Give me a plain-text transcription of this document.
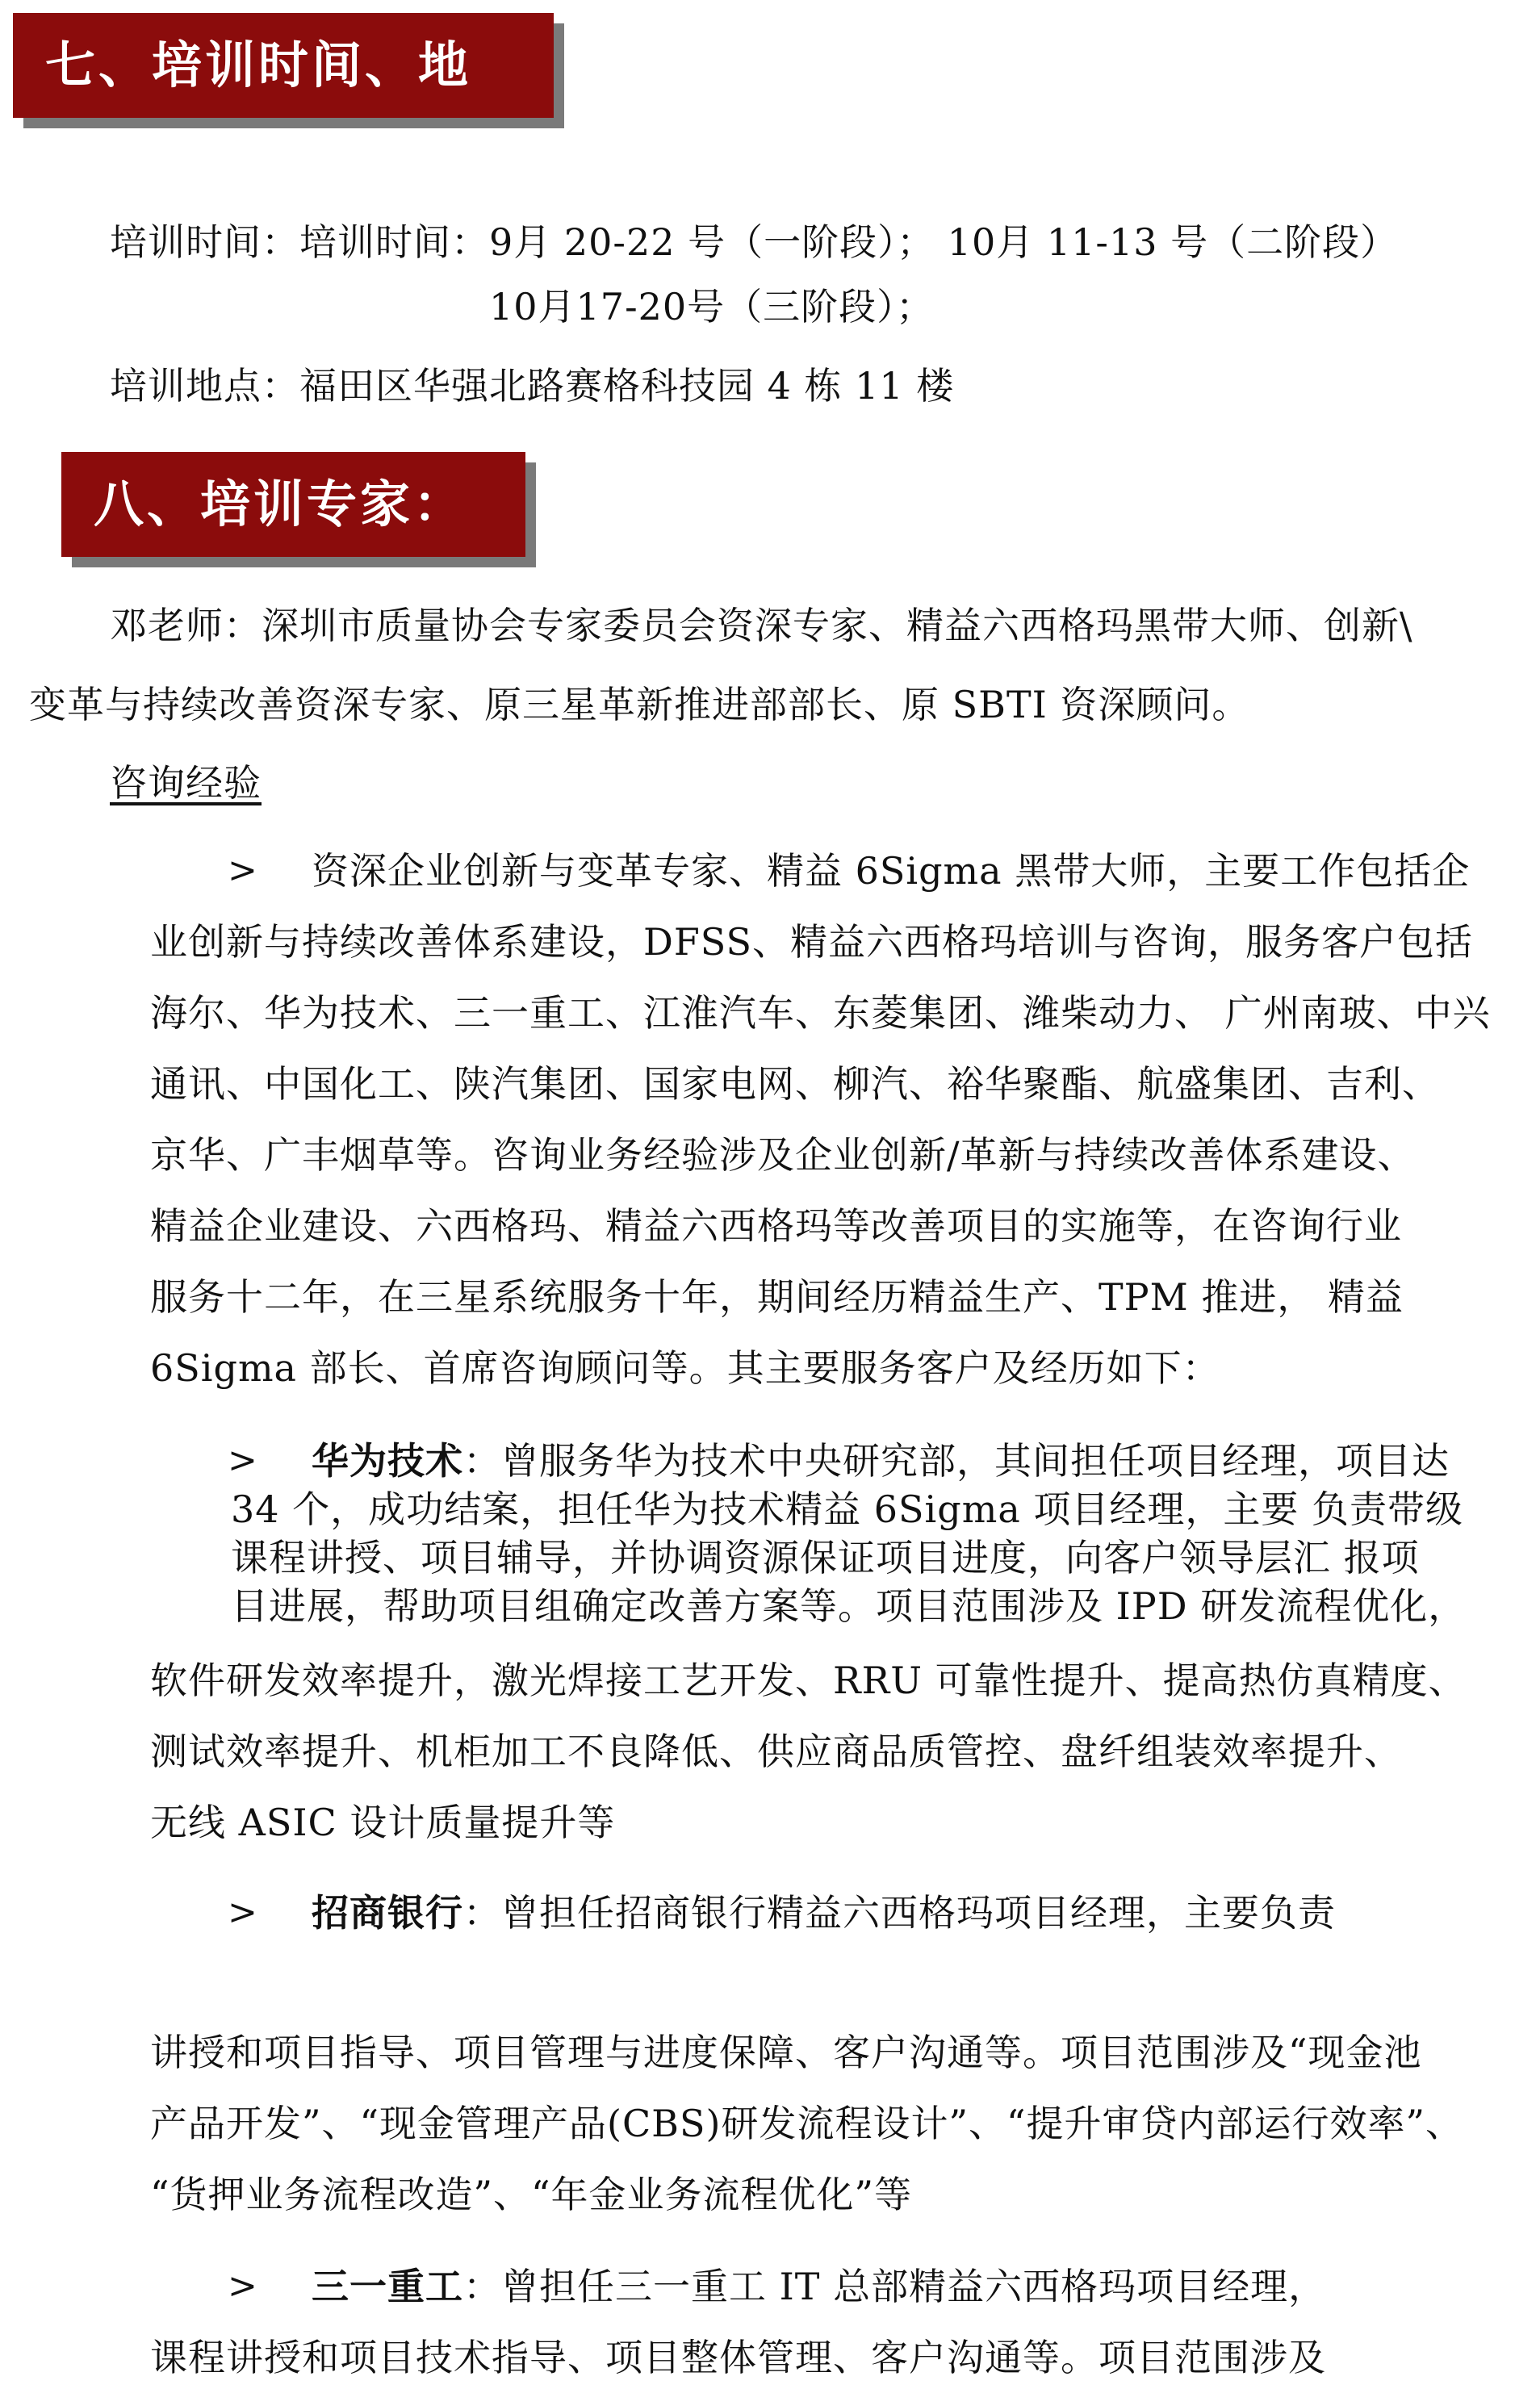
七、培训时间、地点：
培训时间：培训时间：9月 20-22 号（一阶段）； 10月 11-13 号（二阶段）
10月17-20号（三阶段）；
培训地点：福田区华强北路赛格科技园 4 栋 11 楼
八、培训专家：
邓老师：深圳市质量协会专家委员会资深专家、精益六西格玛黑带大师、创新\
变革与持续改善资深专家、原三星革新推进部部长、原 SBTI 资深顾问。
咨询经验
> 资深企业创新与变革专家、精益 6Sigma 黑带大师，主要工作包括企
业创新与持续改善体系建设，DFSS、精益六西格玛培训与咨询，服务客户包括
海尔、华为技术、三一重工、江淮汽车、东菱集团、潍柴动力、 广州南玻、中兴
通讯、中国化工、陕汽集团、国家电网、柳汽、裕华聚酯、航盛集团、吉利、
京华、广丰烟草等。咨询业务经验涉及企业创新/革新与持续改善体系建设、
精益企业建设、六西格玛、精益六西格玛等改善项目的实施等，在咨询行业
服务十二年，在三星系统服务十年，期间经历精益生产、TPM 推进， 精益
6Sigma 部长、首席咨询顾问等。其主要服务客户及经历如下：
> 华为技术：曾服务华为技术中央研究部，其间担任项目经理，项目达
34 个，成功结案，担任华为技术精益 6Sigma 项目经理，主要 负责带级
课程讲授、项目辅导，并协调资源保证项目进度，向客户领导层汇 报项
目进展，帮助项目组确定改善方案等。项目范围涉及 IPD 研发流程优化，
软件研发效率提升，激光焊接工艺开发、RRU 可靠性提升、提高热仿真精度、
测试效率提升、机柜加工不良降低、供应商品质管控、盘纤组装效率提升、
无线 ASIC 设计质量提升等
> 招商银行：曾担任招商银行精益六西格玛项目经理，主要负责
讲授和项目指导、项目管理与进度保障、客户沟通等。项目范围涉及“现金池
产品开发”、“现金管理产品(CBS)研发流程设计”、“提升审贷内部运行效率”、
“货押业务流程改造”、“年金业务流程优化”等
> 三一重工：曾担任三一重工 IT 总部精益六西格玛项目经理，
课程讲授和项目技术指导、项目整体管理、客户沟通等。项目范围涉及
